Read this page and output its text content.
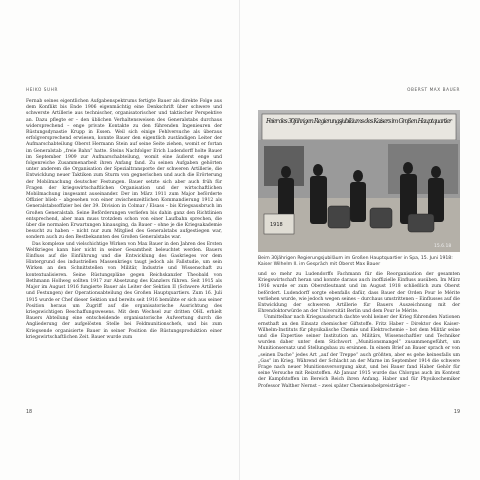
HEIKO SUHR

Fernab seines eigentlichen Aufgabenspektrums fertigte Bauer als direkte Folge aus dem Konflikt bis Ende 1906 eigenmächtig eine Denkschrift über schwere und schwerste Artillerie aus technischer, organisatorischer und taktischer Perspektive an. Dazu pflegte er – den üblichen Verhaltensweisen des Generalstabs durchaus widersprechend – enge private Kontakte zu den führenden Ingenieuren der Rüstungsdynastie Krupp in Essen. Weil sich einige Fehlversuche als überaus erfolgversprechend erwiesen, konnte Bauer den eigentlich zuständigen Leiter der Aufmarschabteilung Oberst Hermann Stein auf seine Seite ziehen, womit er fortan im Generalstab „freie Bahn“ hatte. Steins Nachfolger Erich Ludendorff holte Bauer im September 1909 zur Aufmarschabteilung, womit eine äußerst enge und folgenreiche Zusammenarbeit ihren Anfang fand. Zu seinen Aufgaben gehörten unter anderem die Organisation der Spezialtransporte der schweren Artillerie, die Entwicklung neuer Taktiken zum Sturm von gegnerischen und auch die Erörterung der Mobilmachung deutscher Festungen. Bauer setzte sich aber auch früh für Fragen der kriegswirtschaftlichen Organisation und der wirtschaftlichen Mobilmachung insgesamt auseinander. Der im März 1911 zum Major beförderte Offizier blieb – abgesehen von einer zwischenzeitlichen Kommandierung 1912 als Generalstabsoffizier bei der 39. Division in Colmar / Elsass – bis Kriegsausbruch im Großen Generalstab. Seine Beförderungen verliefen bis dahin ganz den Richtlinien entsprechend, aber man muss trotzdem schon von einer Laufbahn sprechen, die über die normalen Erwartungen hinausging, da Bauer – ohne je die Kriegsakademie besucht zu haben – nicht nur zum Mitglied des Generalstabs aufgestiegen war, sondern auch zu den Bestbekannten des Großen Generalstabs war.

Das komplexe und vielschichtige Wirken von Max Bauer in den Jahren des Ersten Weltkrieges kann hier nicht in seiner Gesamtheit beleuchtet werden. Bauers Einfluss auf die Einführung und die Entwicklung des Gaskrieges vor dem Hintergrund des industriellen Massenkriegs taugt jedoch als Fallstudie, um sein Wirken an den Schnittstellen von Militär, Industrie und Wissenschaft zu kontextualisieren. Seine Rüstungspläne gegen Reichskanzler Theobald von Bethmann Hollweg sollten 1917 zur Absetzung des Kanzlers führen. Seit 1915 als Major im August 1916 fungierte Bauer als Leiter der Sektion II (Schwere Artillerie und Festungen) der Operationsabteilung des Großen Hauptquartiers. Zum 16. Juli 1915 wurde er Chef dieser Sektion und bereits seit 1916 bemühte er sich aus seiner Position heraus um Zugriff auf die organisatorische Ausrichtung des kriegswichtigen Beschaffungswesens. Mit dem Wechsel zur dritten OHL erhielt Bauers Abteilung eine entscheidende organisatorische Aufwertung durch die Angliederung der aufgelösten Stelle bei Feldmunitionschefs, und bis zum Kriegsende organisierte Bauer in seiner Position die Rüstungsproduktion einer kriegswirtschaftlichen Zeit. Bauer wurde zum

18
OBERST MAX BAUER
19
Feier des 30jährigen Regierungsjubiläums des Kaisers im Großen Hauptquartier
1918
15.6.18
Beim 30jährigen Regierungsjubiläum im Großen Hauptquartier in Spa, 15. Juni 1918: Kaiser Wilhelm II. im Gespräch mit Oberst Max Bauer

und so mehr zu Ludendorffs Fachmann für die Reorganisation der gesamten Kriegswirtschaft heran und konnte daraus auch inoffizielle Einfluss ausüben. Im März 1916 wurde er zum Oberstleutnant und im August 1918 schließlich zum Oberst befördert. Ludendorff sorgte ebenfalls dafür, dass Bauer der Orden Pour le Mérite verliehen wurde, wie jedoch wegen seines – durchaus umstrittenen – Einflusses auf die Entwicklung der schweren Artillerie für Bauers Auszeichnung mit der Ehrendoktorwürde an der Universität Berlin und dem Pour le Mérite.

Unmittelbar nach Kriegsausbruch dachte wohl keiner der Krieg führenden Nationen ernsthaft an den Einsatz chemischer Giftstoffe. Fritz Haber – Direktor des Kaiser-Wilhelm-Instituts für physikalische Chemie und Elektrochemie – bot dem Militär seine und die Expertise seiner Institution an. Militärs, Wissenschaftler und Techniker wurden daher unter dem Stichwort „Munitionsmangel“ zusammengeführt, um Munitionsersatz und Stellungsbau zu ersinnen. In einem Brief an Bauer sprach er von „seinen Dache“ jedes Art „auf der Treppe“ auch größten, aber es gehe keinesfalls um „Gas“ im Krieg. Während der Schlacht an der Marne im September 1914 die schwere Frage nach neuer Munitionsversorgung akut, und bei Bauer fand Haber Gehör für seine Versuche mit Reizstoffen. Ab Januar 1915 wurde das Chlorgas auch im Kontext der Kampfstoffen im Bereich Reich ihren Anfang. Haber und für Physikochemiker Professor Walther Nernst – zwei später Chemienobelpreisträger –
